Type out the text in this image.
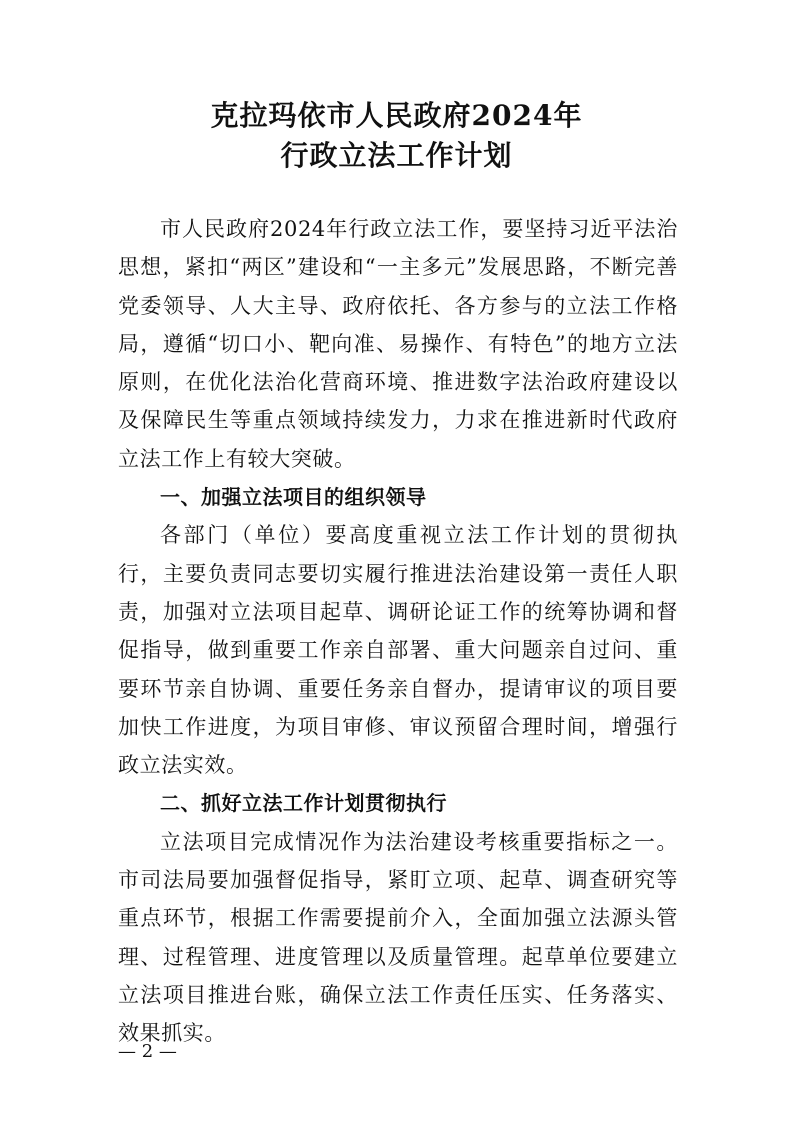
克拉玛依市人民政府2024年
行政立法工作计划

市人民政府2024年行政立法工作，要坚持习近平法治思想，紧扣“两区”建设和“一主多元”发展思路，不断完善党委领导、人大主导、政府依托、各方参与的立法工作格局，遵循“切口小、靶向准、易操作、有特色”的地方立法原则，在优化法治化营商环境、推进数字法治政府建设以及保障民生等重点领域持续发力，力求在推进新时代政府立法工作上有较大突破。

一、加强立法项目的组织领导

各部门（单位）要高度重视立法工作计划的贯彻执行，主要负责同志要切实履行推进法治建设第一责任人职责，加强对立法项目起草、调研论证工作的统筹协调和督促指导，做到重要工作亲自部署、重大问题亲自过问、重要环节亲自协调、重要任务亲自督办，提请审议的项目要加快工作进度，为项目审修、审议预留合理时间，增强行政立法实效。

二、抓好立法工作计划贯彻执行

立法项目完成情况作为法治建设考核重要指标之一。市司法局要加强督促指导，紧盯立项、起草、调查研究等重点环节，根据工作需要提前介入，全面加强立法源头管理、过程管理、进度管理以及质量管理。起草单位要建立立法项目推进台账，确保立法工作责任压实、任务落实、效果抓实。

— 2 —
